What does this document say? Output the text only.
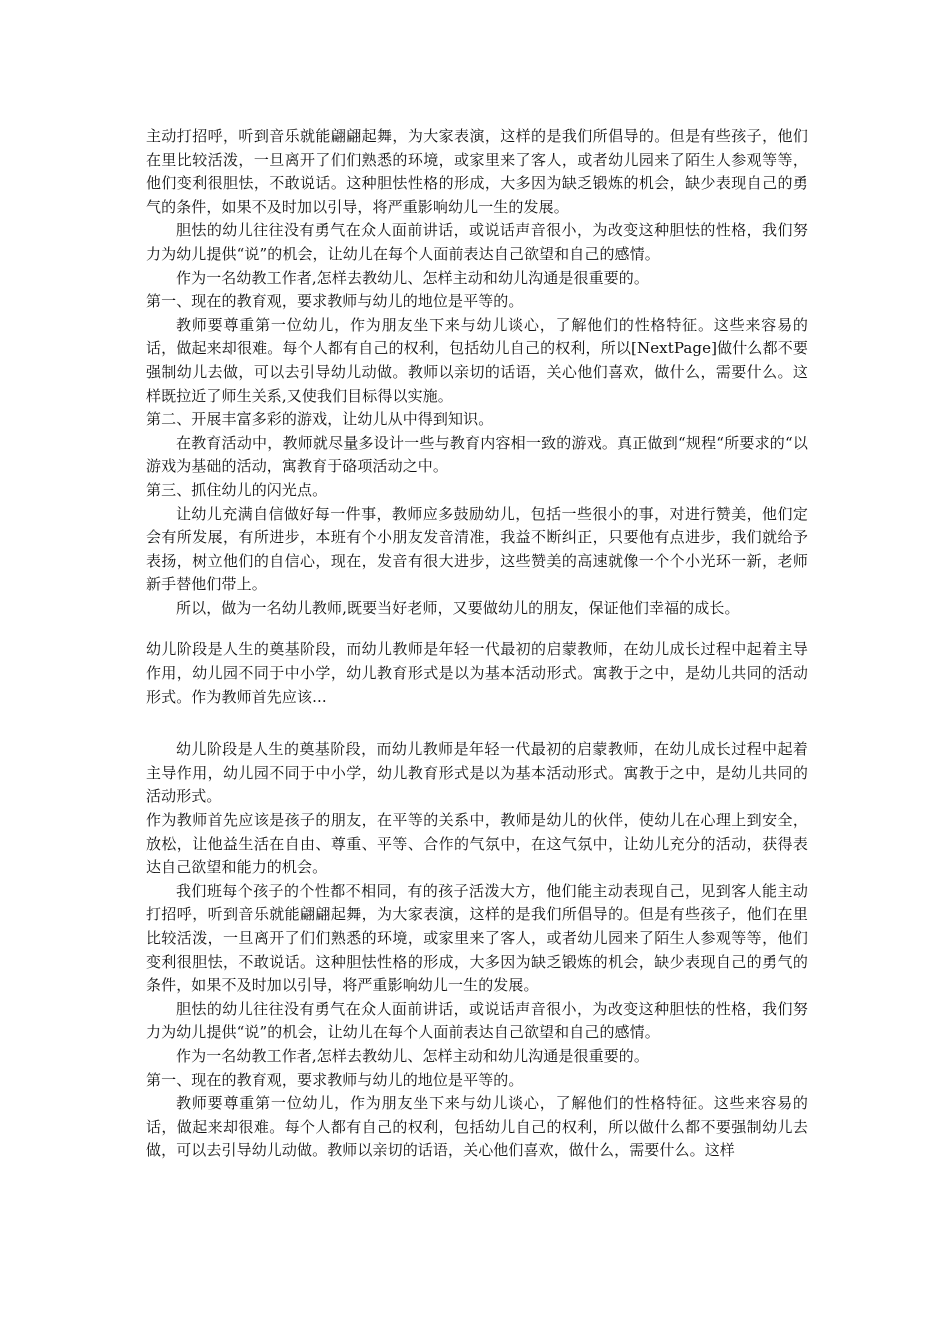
主动打招呼，听到音乐就能翩翩起舞，为大家表演，这样的是我们所倡导的。但是有些孩子，他们在里比较活泼，一旦离开了们们熟悉的环境，或家里来了客人，或者幼儿园来了陌生人参观等等，他们变利很胆怯，不敢说话。这种胆怯性格的形成，大多因为缺乏锻炼的机会，缺少表现自己的勇气的条件，如果不及时加以引导，将严重影响幼儿一生的发展。

胆怯的幼儿往往没有勇气在众人面前讲话，或说话声音很小，为改变这种胆怯的性格，我们努力为幼儿提供“说”的机会，让幼儿在每个人面前表达自己欲望和自己的感情。

作为一名幼教工作者,怎样去教幼儿、怎样主动和幼儿沟通是很重要的。

第一、现在的教育观，要求教师与幼儿的地位是平等的。

教师要尊重第一位幼儿，作为朋友坐下来与幼儿谈心，了解他们的性格特征。这些来容易的话，做起来却很难。每个人都有自己的权利，包括幼儿自己的权利，所以[NextPage]做什么都不要强制幼儿去做，可以去引导幼儿动做。教师以亲切的话语，关心他们喜欢，做什么，需要什么。这样既拉近了师生关系,又使我们目标得以实施。

第二、开展丰富多彩的游戏，让幼儿从中得到知识。

在教育活动中，教师就尽量多设计一些与教育内容相一致的游戏。真正做到“规程“所要求的“以游戏为基础的活动，寓教育于硌项活动之中。

第三、抓住幼儿的闪光点。

让幼儿充满自信做好每一件事，教师应多鼓励幼儿，包括一些很小的事，对进行赞美，他们定会有所发展，有所进步，本班有个小朋友发音清准，我益不断纠正，只要他有点进步，我们就给予表扬，树立他们的自信心，现在，发音有很大进步，这些赞美的高速就像一个个小光环一新，老师新手替他们带上。

所以，做为一名幼儿教师,既要当好老师，又要做幼儿的朋友，保证他们幸福的成长。

幼儿阶段是人生的奠基阶段，而幼儿教师是年轻一代最初的启蒙教师，在幼儿成长过程中起着主导作用，幼儿园不同于中小学，幼儿教育形式是以为基本活动形式。寓教于之中，是幼儿共同的活动形式。作为教师首先应该...

幼儿阶段是人生的奠基阶段，而幼儿教师是年轻一代最初的启蒙教师，在幼儿成长过程中起着主导作用，幼儿园不同于中小学，幼儿教育形式是以为基本活动形式。寓教于之中，是幼儿共同的活动形式。

作为教师首先应该是孩子的朋友，在平等的关系中，教师是幼儿的伙伴，使幼儿在心理上到安全，放松，让他益生活在自由、尊重、平等、合作的气氛中，在这气氛中，让幼儿充分的活动，获得表达自己欲望和能力的机会。

我们班每个孩子的个性都不相同，有的孩子活泼大方，他们能主动表现自己，见到客人能主动打招呼，听到音乐就能翩翩起舞，为大家表演，这样的是我们所倡导的。但是有些孩子，他们在里比较活泼，一旦离开了们们熟悉的环境，或家里来了客人，或者幼儿园来了陌生人参观等等，他们变利很胆怯，不敢说话。这种胆怯性格的形成，大多因为缺乏锻炼的机会，缺少表现自己的勇气的条件，如果不及时加以引导，将严重影响幼儿一生的发展。

胆怯的幼儿往往没有勇气在众人面前讲话，或说话声音很小，为改变这种胆怯的性格，我们努力为幼儿提供“说”的机会，让幼儿在每个人面前表达自己欲望和自己的感情。

作为一名幼教工作者,怎样去教幼儿、怎样主动和幼儿沟通是很重要的。

第一、现在的教育观，要求教师与幼儿的地位是平等的。

教师要尊重第一位幼儿，作为朋友坐下来与幼儿谈心，了解他们的性格特征。这些来容易的话，做起来却很难。每个人都有自己的权利，包括幼儿自己的权利，所以做什么都不要强制幼儿去做，可以去引导幼儿动做。教师以亲切的话语，关心他们喜欢，做什么，需要什么。这样
